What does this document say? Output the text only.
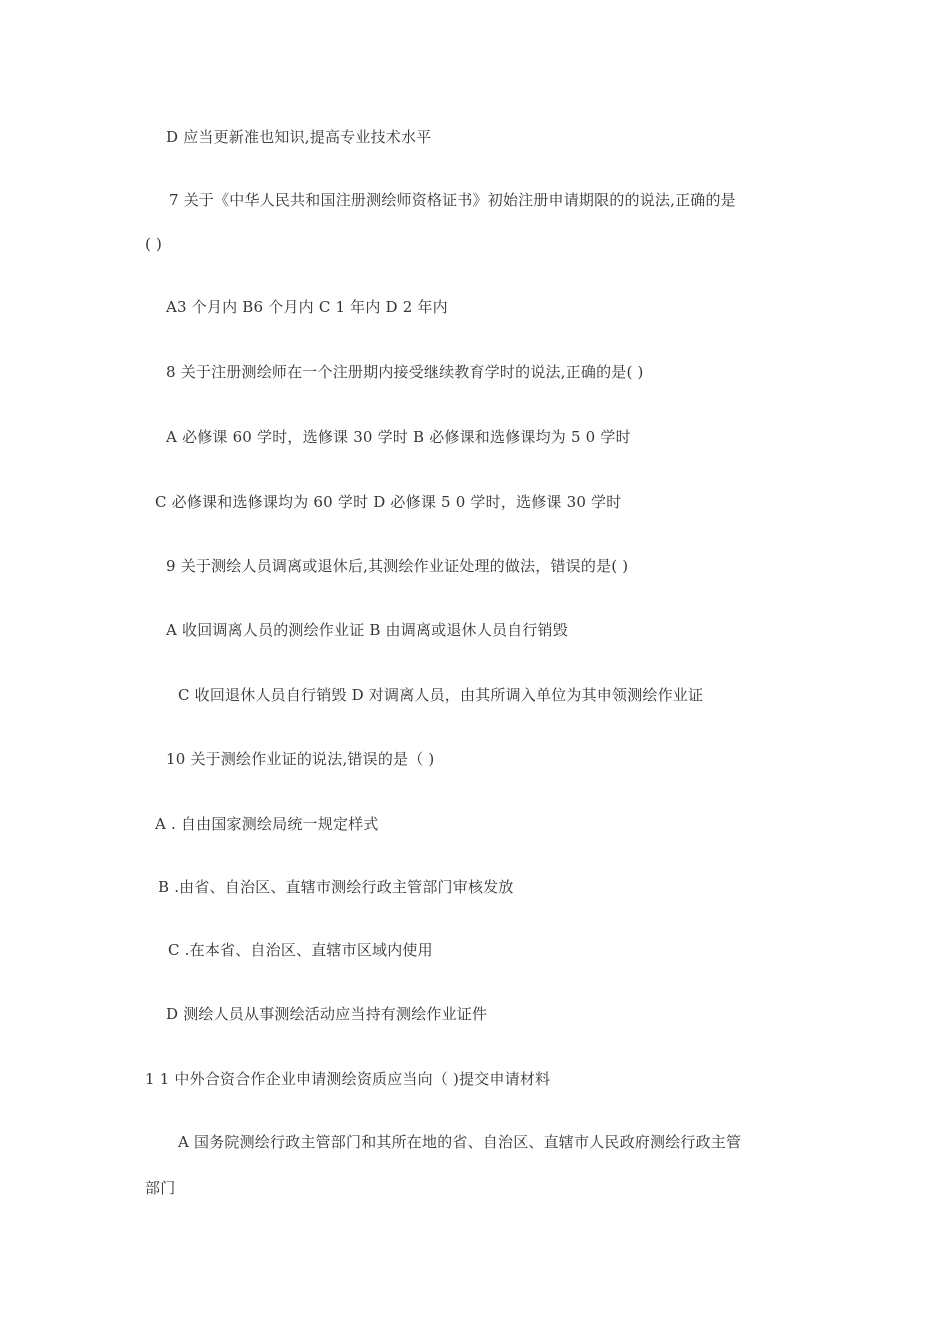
D 应当更新准也知识,提高专业技术水平
7 关于《中华人民共和国注册测绘师资格证书》初始注册申请期限的的说法,正确的是
( )
A3 个月内 B6 个月内 C 1 年内 D 2 年内
8 关于注册测绘师在一个注册期内接受继续教育学时的说法,正确的是( )
A 必修课 60 学时，选修课 30 学时 B 必修课和选修课均为 5 0 学时
C 必修课和选修课均为 60 学时 D 必修课 5 0 学时，选修课 30 学时
9 关于测绘人员调离或退休后,其测绘作业证处理的做法，错误的是( )
A 收回调离人员的测绘作业证 B 由调离或退休人员自行销毁
C 收回退休人员自行销毁 D 对调离人员，由其所调入单位为其申领测绘作业证
10 关于测绘作业证的说法,错误的是（ )
A . 自由国家测绘局统一规定样式
B .由省、自治区、直辖市测绘行政主管部门审核发放
C .在本省、自治区、直辖市区域内使用
D 测绘人员从事测绘活动应当持有测绘作业证件
1 1 中外合资合作企业申请测绘资质应当向（ )提交申请材料
A 国务院测绘行政主管部门和其所在地的省、自治区、直辖市人民政府测绘行政主管
部门
